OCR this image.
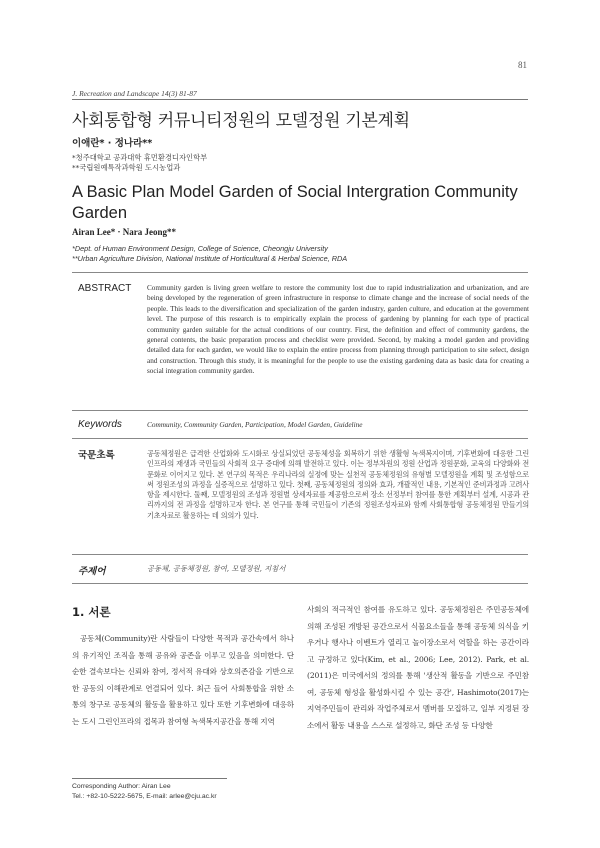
81
J. Recreation and Landscape 14(3) 81-87
사회통합형 커뮤니티정원의 모델정원 기본계획
이애란* · 정나라**
*청주대학교 공과대학 휴먼환경디자인학부
**국립원예특작과학원 도시농업과
A Basic Plan Model Garden of Social Intergration Community Garden
Airan Lee* · Nara Jeong**
*Dept. of Human Environment Design, College of Science, Cheongju University
**Urban Agriculture Division, National Institute of Horticultural & Herbal Science, RDA
ABSTRACT Community garden is living green welfare to restore the community lost due to rapid industrialization and urbanization, and are being developed by the regeneration of green infrastructure in response to climate change and the increase of social needs of the people. This leads to the diversification and specialization of the garden industry, garden culture, and education at the government level. The purpose of this research is to empirically explain the process of gardening by planning for each type of practical community garden suitable for the actual conditions of our country. First, the definition and effect of community gardens, the general contents, the basic preparation process and checklist were provided. Second, by making a model garden and providing detailed data for each garden, we would like to explain the entire process from planning through participation to site select, design and construction. Through this study, it is meaningful for the people to use the existing gardening data as basic data for creating a social integration community garden.
Keywords	Community, Community Garden, Participation, Model Garden, Guideline
국문초록	공동체정원은 급격한 산업화와 도시화로 상실되었던 공동체성을 회복하기 위한 생활형 녹색복지이며, 기후변화에 대응한 그린인프라의 재생과 국민들의 사회적 요구 증대에 의해 발전하고 있다. 이는 정부차원의 정원 산업과 정원문화, 교육의 다양화와 전문화로 이어지고 있다. 본 연구의 목적은 우리나라의 실정에 맞는 실천적 공동체정원의 유형별 모델정원을 계획 및 조성함으로써 정원조성의 과정을 실증적으로 설명하고 있다. 첫째, 공동체정원의 정의와 효과, 개괄적인 내용, 기본적인 준비과정과 고려사항을 제시한다. 둘째, 모델정원의 조성과 정원별 상세자료를 제공함으로써 장소 선정부터 참여를 통한 계획부터 설계, 시공과 관리까지의 전 과정을 설명하고자 한다. 본 연구를 통해 국민들이 기존의 정원조성자료와 함께 사회통합형 공동체정원 만들기의 기초자료로 활용하는 데 의의가 있다.
주제어	공동체, 공동체정원, 참여, 모델정원, 지침서
1. 서론

공동체(Community)란 사람들이 다양한 목적과 공간속에서 하나의 유기적인 조직을 통해 공유와 공존을 이루고 있음을 의미한다. 단순한 결속보다는 신뢰와 참여, 정서적 유대와 상호의존감을 기반으로 한 공동의 이해관계로 연결되어 있다. 최근 들어 사회통합을 위한 소통의 창구로 공동체의 활동을 활용하고 있다 또한 기후변화에 대응하는 도시 그린인프라의 접목과 참여형 녹색복지공간을 통해 지역

사회의 적극적인 참여를 유도하고 있다. 공동체정원은 주민공동체에 의해 조성된 개방된 공간으로서 식물요소들을 통해 공동체 의식을 키우거나 행사나 이벤트가 열리고 놀이장소로서 역할을 하는 공간이라고 규정하고 있다(Kim, et al., 2006; Lee, 2012). Park, et al.(2011)은 미국에서의 정의를 통해 '생산적 활동을 기반으로 주민참여, 공동체 형성을 활성화시킬 수 있는 공간', Hashimoto(2017)는 지역주민들이 관리와 작업주체로서 멤버를 모집하고, 일부 지정된 장소에서 활동 내용을 스스로 설정하고, 화단 조성 등 다양한

Corresponding Author: Airan Lee
Tel.: +82-10-5222-5675, E-mail: arlee@cju.ac.kr
